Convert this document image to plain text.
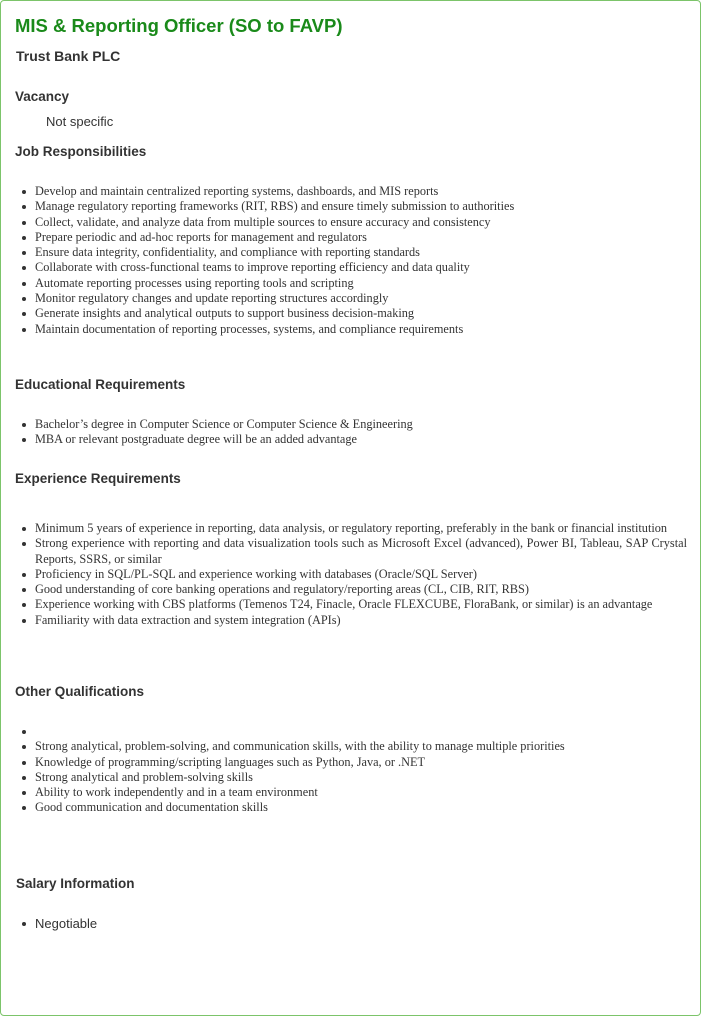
MIS & Reporting Officer (SO to FAVP)
Trust Bank PLC
Vacancy
Not specific
Job Responsibilities
Develop and maintain centralized reporting systems, dashboards, and MIS reports
Manage regulatory reporting frameworks (RIT, RBS) and ensure timely submission to authorities
Collect, validate, and analyze data from multiple sources to ensure accuracy and consistency
Prepare periodic and ad-hoc reports for management and regulators
Ensure data integrity, confidentiality, and compliance with reporting standards
Collaborate with cross-functional teams to improve reporting efficiency and data quality
Automate reporting processes using reporting tools and scripting
Monitor regulatory changes and update reporting structures accordingly
Generate insights and analytical outputs to support business decision-making
Maintain documentation of reporting processes, systems, and compliance requirements
Educational Requirements
Bachelor’s degree in Computer Science or Computer Science & Engineering
MBA or relevant postgraduate degree will be an added advantage
Experience Requirements
Minimum 5 years of experience in reporting, data analysis, or regulatory reporting, preferably in the bank or financial institution
Strong experience with reporting and data visualization tools such as Microsoft Excel (advanced), Power BI, Tableau, SAP Crystal Reports, SSRS, or similar
Proficiency in SQL/PL-SQL and experience working with databases (Oracle/SQL Server)
Good understanding of core banking operations and regulatory/reporting areas (CL, CIB, RIT, RBS)
Experience working with CBS platforms (Temenos T24, Finacle, Oracle FLEXCUBE, FloraBank, or similar) is an advantage
Familiarity with data extraction and system integration (APIs)
Other Qualifications
Strong analytical, problem-solving, and communication skills, with the ability to manage multiple priorities
Knowledge of programming/scripting languages such as Python, Java, or .NET
Strong analytical and problem-solving skills
Ability to work independently and in a team environment
Good communication and documentation skills
Salary Information
Negotiable
